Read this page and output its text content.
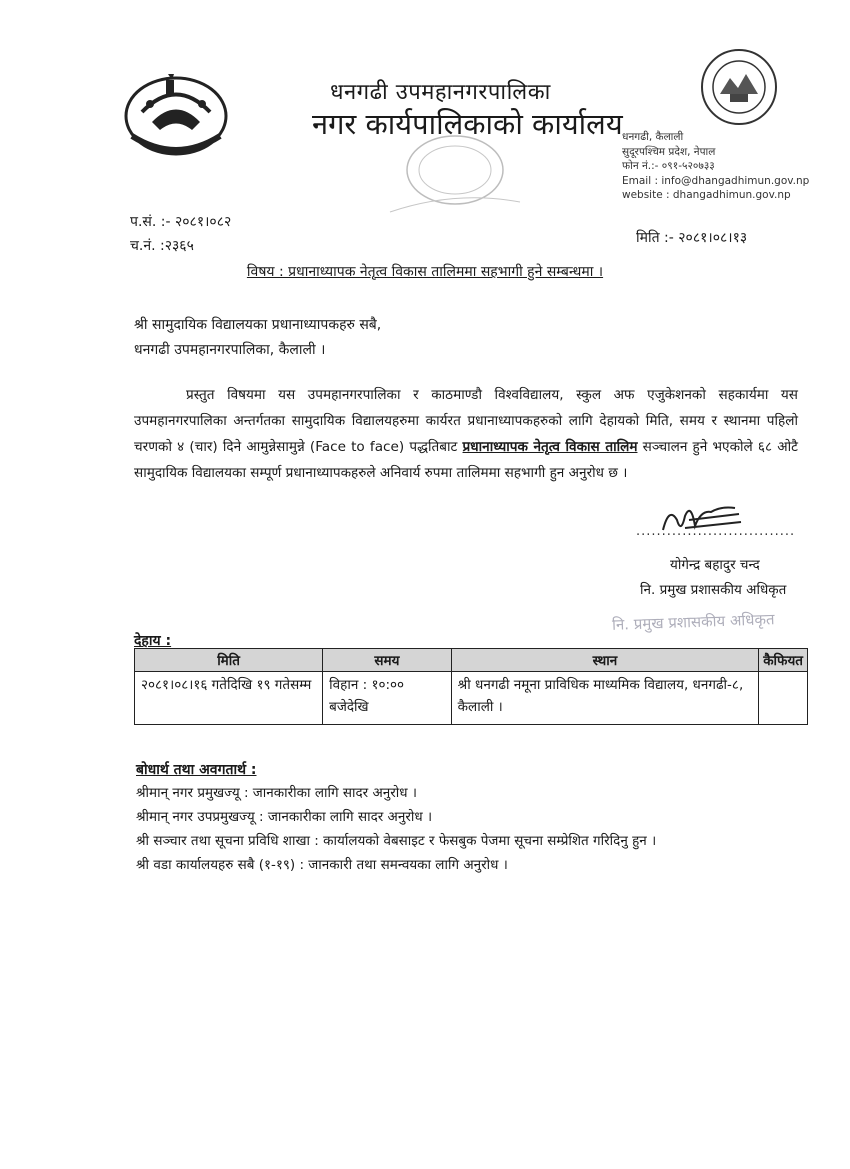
धनगढी उपमहानगरपालिका
नगर कार्यपालिकाको कार्यालय धनगढी, कैलाली
सुदूरपश्चिम प्रदेश, नेपाल
फोन नं.:- ०९१-५२०७३३
Email : info@dhangadhimun.gov.np
website : dhangadhimun.gov.np
प.सं. :- २०८१।०८२
च.नं. :२३६५	मिति :- २०८१।०८।१३
विषय : प्रधानाध्यापक नेतृत्व विकास तालिममा सहभागी हुने सम्बन्धमा ।
श्री सामुदायिक विद्यालयका प्रधानाध्यापकहरु सबै,
धनगढी उपमहानगरपालिका, कैलाली ।
प्रस्तुत विषयमा यस उपमहानगरपालिका र काठमाण्डौ विश्वविद्यालय, स्कुल अफ एजुकेशनको सहकार्यमा यस उपमहानगरपालिका अन्तर्गतका सामुदायिक विद्यालयहरुमा कार्यरत प्रधानाध्यापकहरुको लागि देहायको मिति, समय र स्थानमा पहिलो चरणको ४ (चार) दिने आमुन्नेसामुन्ने (Face to face) पद्धतिबाट प्रधानाध्यापक नेतृत्व विकास तालिम सञ्चालन हुने भएकोले ६८ ओटै सामुदायिक विद्यालयका सम्पूर्ण प्रधानाध्यापकहरुले अनिवार्य रुपमा तालिममा सहभागी हुन अनुरोध छ ।
...............................
योगेन्द्र बहादुर चन्द
नि. प्रमुख प्रशासकीय अधिकृत
नि. प्रमुख प्रशासकीय अधिकृत
देहाय :
मिति	समय	स्थान	कैफियत
२०८१।०८।१६ गतेदिखि १९ गतेसम्म	विहान : १०:०० बजेदेखि	श्री धनगढी नमूना प्राविधिक माध्यमिक विद्यालय, धनगढी-८, कैलाली ।	
बोधार्थ तथा अवगतार्थ :
श्रीमान् नगर प्रमुखज्यू : जानकारीका लागि सादर अनुरोध ।
श्रीमान् नगर उपप्रमुखज्यू : जानकारीका लागि सादर अनुरोध ।
श्री सञ्चार तथा सूचना प्रविधि शाखा : कार्यालयको वेबसाइट र फेसबुक पेजमा सूचना सम्प्रेशित गरिदिनु हुन ।
श्री वडा कार्यालयहरु सबै (१-१९) : जानकारी तथा समन्वयका लागि अनुरोध ।
